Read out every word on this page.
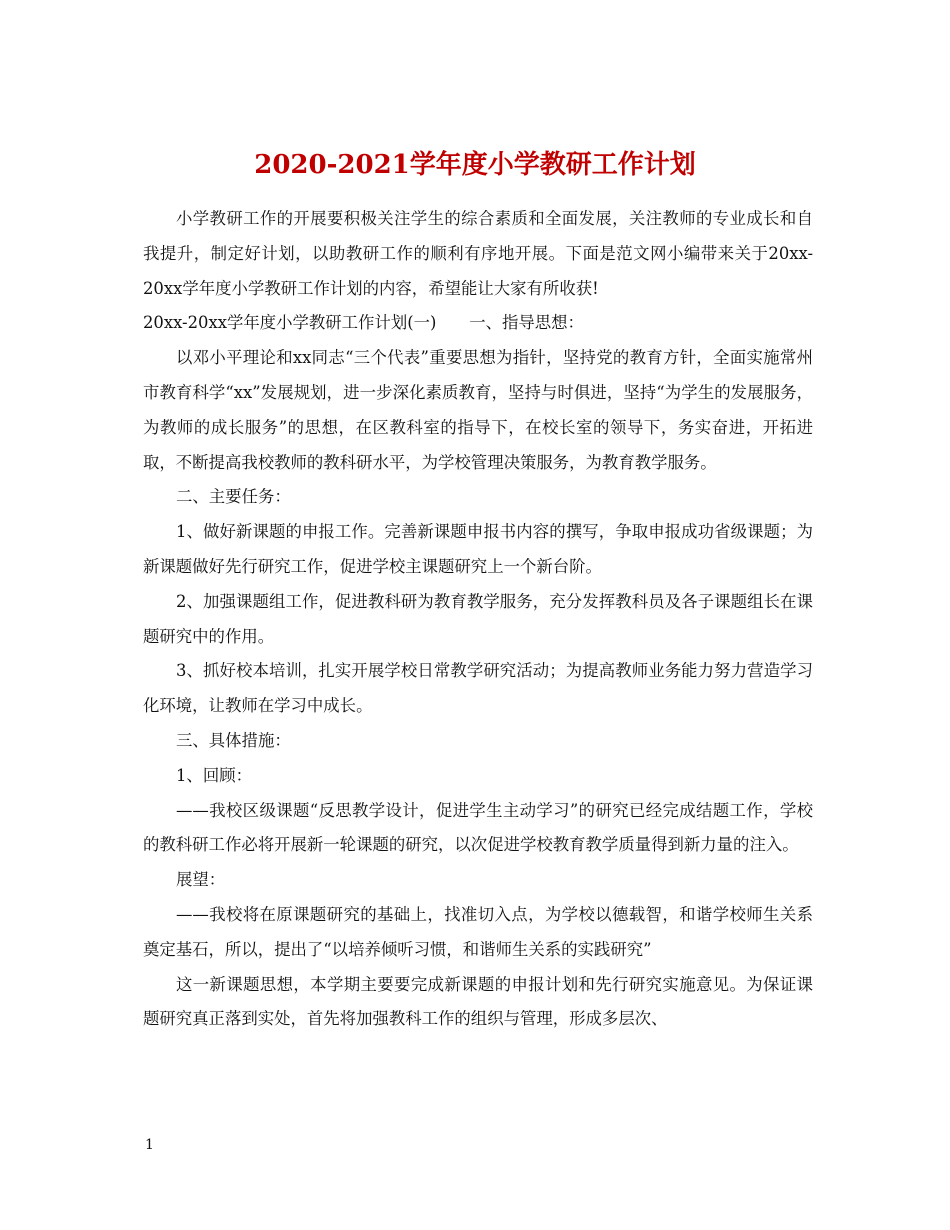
2020-2021学年度小学教研工作计划

小学教研工作的开展要积极关注学生的综合素质和全面发展，关注教师的专业成长和自我提升，制定好计划，以助教研工作的顺利有序地开展。下面是范文网小编带来关于20xx-20xx学年度小学教研工作计划的内容，希望能让大家有所收获!

20xx-20xx学年度小学教研工作计划(一)　　一、指导思想：

以邓小平理论和xx同志“三个代表”重要思想为指针，坚持党的教育方针，全面实施常州市教育科学“xx”发展规划，进一步深化素质教育，坚持与时俱进，坚持“为学生的发展服务，为教师的成长服务”的思想，在区教科室的指导下，在校长室的领导下，务实奋进，开拓进取，不断提高我校教师的教科研水平，为学校管理决策服务，为教育教学服务。

二、主要任务：

1、做好新课题的申报工作。完善新课题申报书内容的撰写，争取申报成功省级课题；为新课题做好先行研究工作，促进学校主课题研究上一个新台阶。

2、加强课题组工作，促进教科研为教育教学服务，充分发挥教科员及各子课题组长在课题研究中的作用。

3、抓好校本培训，扎实开展学校日常教学研究活动；为提高教师业务能力努力营造学习化环境，让教师在学习中成长。

三、具体措施：

1、回顾：

——我校区级课题“反思教学设计，促进学生主动学习”的研究已经完成结题工作，学校的教科研工作必将开展新一轮课题的研究，以次促进学校教育教学质量得到新力量的注入。

展望：

——我校将在原课题研究的基础上，找准切入点，为学校以德载智，和谐学校师生关系奠定基石，所以，提出了“以培养倾听习惯，和谐师生关系的实践研究”

这一新课题思想，本学期主要要完成新课题的申报计划和先行研究实施意见。为保证课题研究真正落到实处，首先将加强教科工作的组织与管理，形成多层次、

1
